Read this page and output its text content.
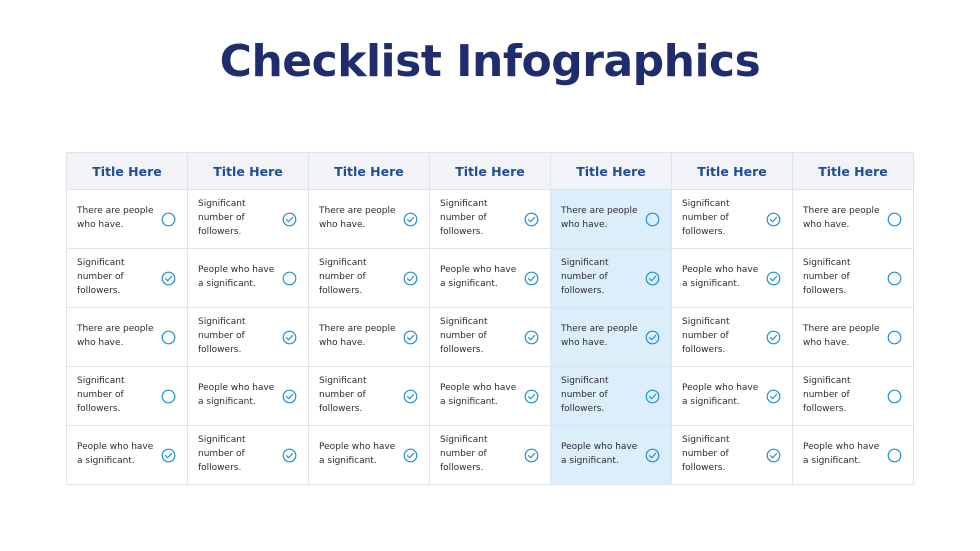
Checklist Infographics
Title Here	Title Here	Title Here	Title Here	Title Here	Title Here	Title Here

There are people who have.	Significant number of followers.	There are people who have.	Significant number of followers.	There are people who have.	Significant number of followers.	There are people who have.

Significant number of followers.	People who have a significant.	Significant number of followers.	People who have a significant.	Significant number of followers.	People who have a significant.	Significant number of followers.

There are people who have.	Significant number of followers.	There are people who have.	Significant number of followers.	There are people who have.	Significant number of followers.	There are people who have.

Significant number of followers.	People who have a significant.	Significant number of followers.	People who have a significant.	Significant number of followers.	People who have a significant.	Significant number of followers.

People who have a significant.	Significant number of followers.	People who have a significant.	Significant number of followers.	People who have a significant.	Significant number of followers.	People who have a significant.
